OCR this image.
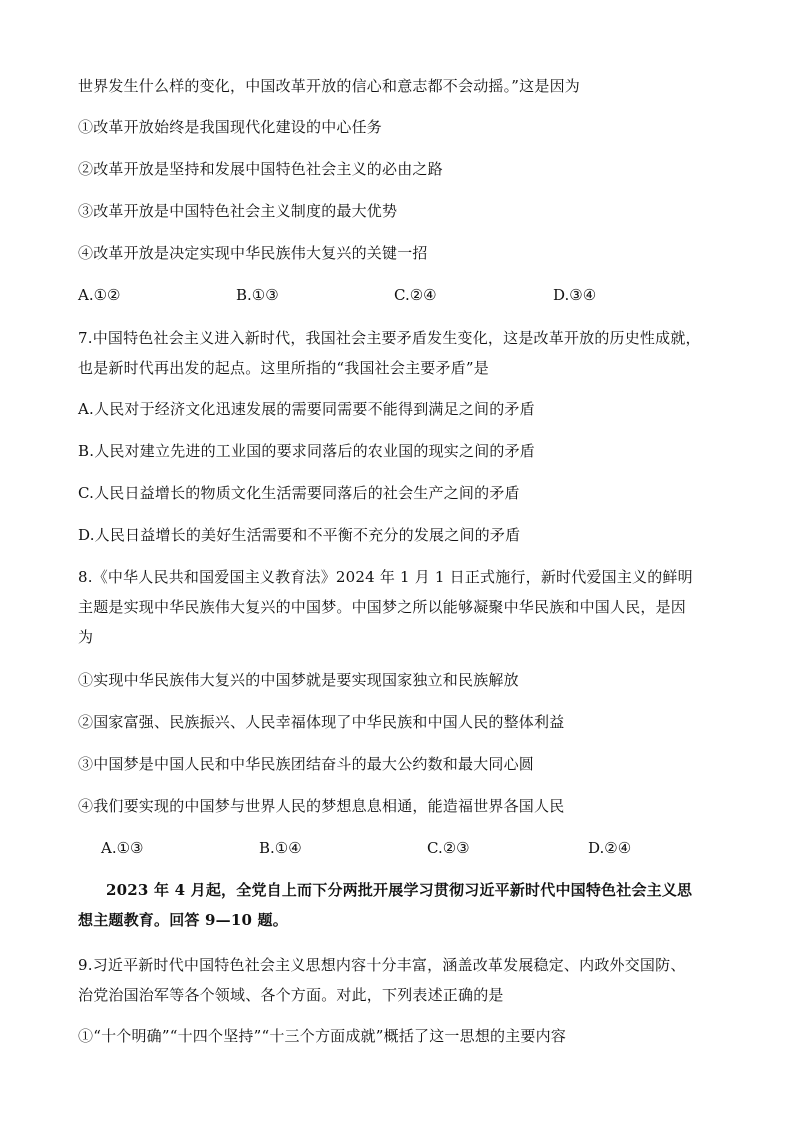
世界发生什么样的变化，中国改革开放的信心和意志都不会动摇。”这是因为
①改革开放始终是我国现代化建设的中心任务
②改革开放是坚持和发展中国特色社会主义的必由之路
③改革开放是中国特色社会主义制度的最大优势
④改革开放是决定实现中华民族伟大复兴的关键一招
A.①②	B.①③	C.②④	D.③④
7.中国特色社会主义进入新时代，我国社会主要矛盾发生变化，这是改革开放的历史性成就，
也是新时代再出发的起点。这里所指的“我国社会主要矛盾”是
A.人民对于经济文化迅速发展的需要同需要不能得到满足之间的矛盾
B.人民对建立先进的工业国的要求同落后的农业国的现实之间的矛盾
C.人民日益增长的物质文化生活需要同落后的社会生产之间的矛盾
D.人民日益增长的美好生活需要和不平衡不充分的发展之间的矛盾
8.《中华人民共和国爱国主义教育法》2024 年 1 月 1 日正式施行，新时代爱国主义的鲜明
主题是实现中华民族伟大复兴的中国梦。中国梦之所以能够凝聚中华民族和中国人民，是因
为
①实现中华民族伟大复兴的中国梦就是要实现国家独立和民族解放
②国家富强、民族振兴、人民幸福体现了中华民族和中国人民的整体利益
③中国梦是中国人民和中华民族团结奋斗的最大公约数和最大同心圆
④我们要实现的中国梦与世界人民的梦想息息相通，能造福世界各国人民
A.①③	B.①④	C.②③	D.②④
2023 年 4 月起，全党自上而下分两批开展学习贯彻习近平新时代中国特色社会主义思
想主题教育。回答 9—10 题。
9.习近平新时代中国特色社会主义思想内容十分丰富，涵盖改革发展稳定、内政外交国防、
治党治国治军等各个领域、各个方面。对此，下列表述正确的是
①“十个明确”“十四个坚持”“十三个方面成就”概括了这一思想的主要内容
